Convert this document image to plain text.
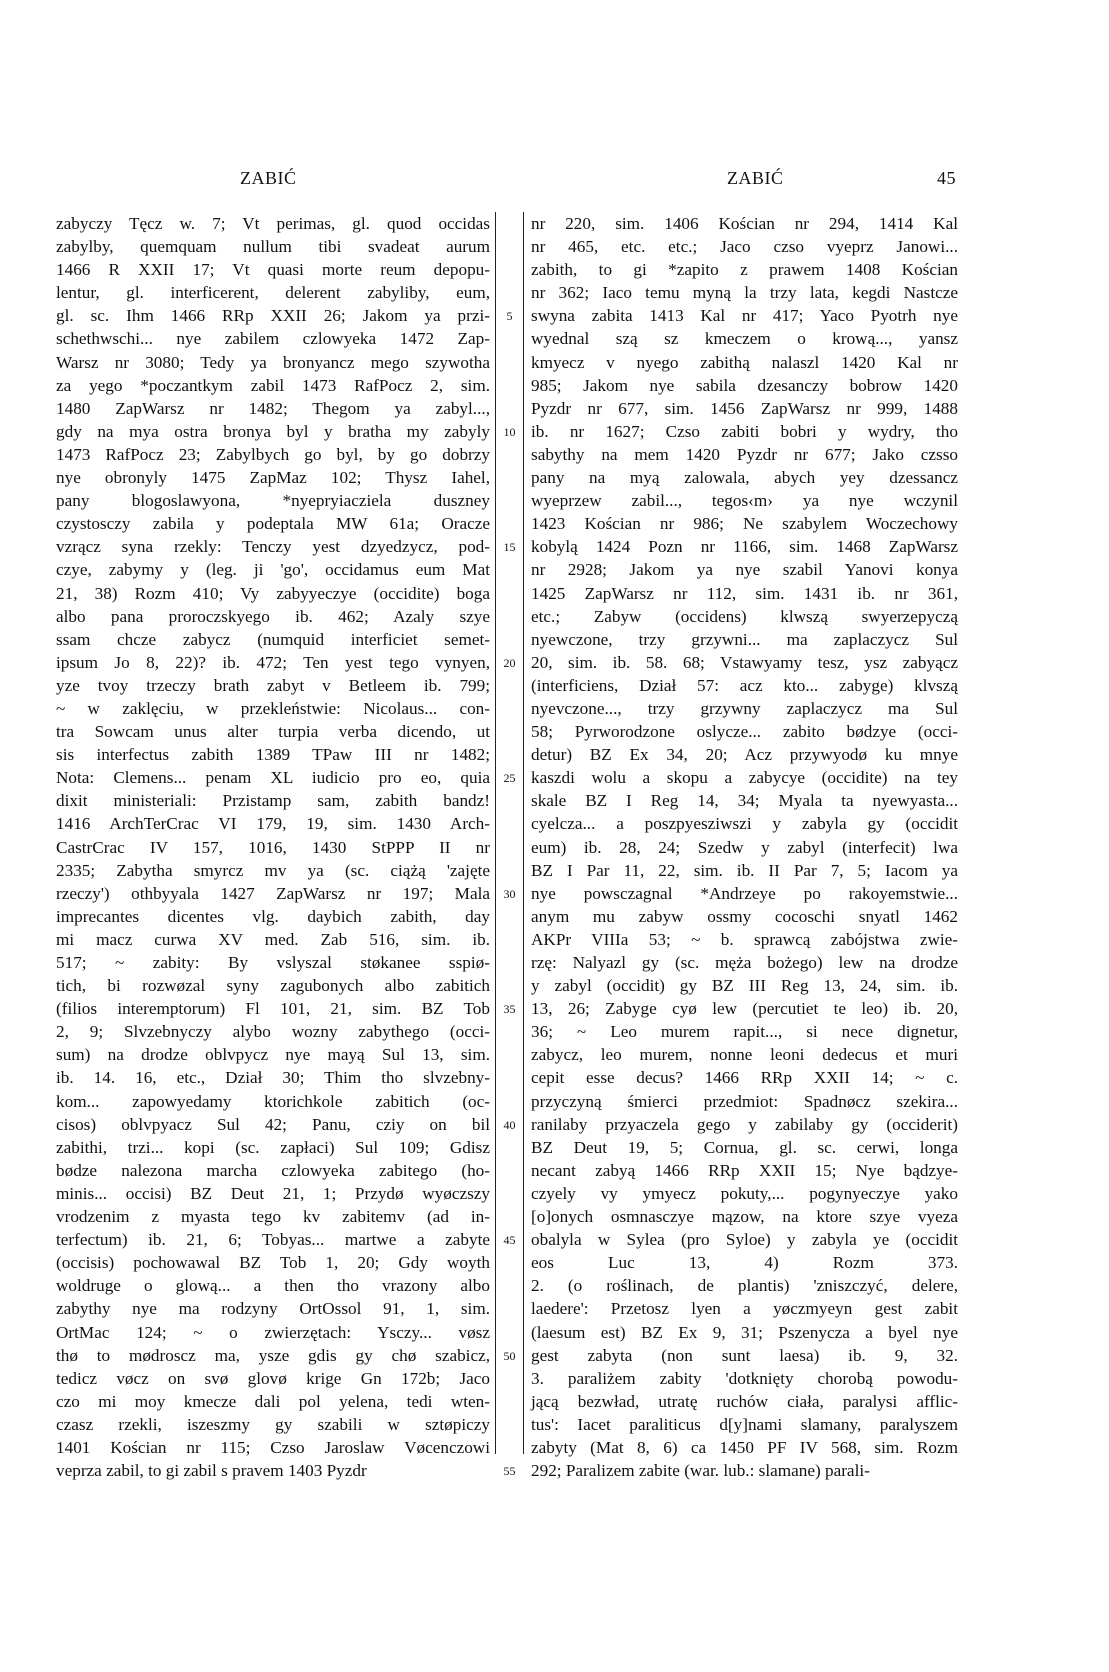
ZABIĆ	ZABIĆ	45
zabyczy Tęcz w. 7; Vt perimas, gl. quod occidas
zabylby, quemquam nullum tibi svadeat aurum
1466 R XXII 17; Vt quasi morte reum depopu-
lentur, gl. interficerent, delerent zabyliby, eum,
gl. sc. Ihm 1466 RRp XXII 26; Jakom ya przi-
schethwschi... nye zabilem czlowyeka 1472 Zap-
Warsz nr 3080; Tedy ya bronyancz mego szywotha
za yego *poczantkym zabil 1473 RafPocz 2, sim.
1480 ZapWarsz nr 1482; Thegom ya zabyl...,
gdy na mya ostra bronya byl y bratha my zabyly
1473 RafPocz 23; Zabylbych go byl, by go dobrzy
nye obronyly 1475 ZapMaz 102; Thysz Iahel,
pany blogoslawyona, *nyepryiacziela duszney
czystosczy zabila y podeptala MW 61a; Oracze
vzrącz syna rzekly: Tenczy yest dzyedzycz, pod-
czye, zabymy y (leg. ji 'go', occidamus eum Mat
21, 38) Rozm 410; Vy zabyyeczye (occidite) boga
albo pana proroczskyego ib. 462; Azaly szye
ssam chcze zabycz (numquid interficiet semet-
ipsum Jo 8, 22)? ib. 472; Ten yest tego vynyen,
yze tvoy trzeczy brath zabyt v Betleem ib. 799;
~ w zaklęciu, w przekleństwie: Nicolaus... con-
tra Sowcam unus alter turpia verba dicendo, ut
sis interfectus zabith 1389 TPaw III nr 1482;
Nota: Clemens... penam XL iudicio pro eo, quia
dixit ministeriali: Przistamp sam, zabith bandz!
1416 ArchTerCrac VI 179, 19, sim. 1430 Arch-
CastrCrac IV 157, 1016, 1430 StPPP II nr
2335; Zabytha smyrcz mv ya (sc. ciążą 'zajęte
rzeczy') othbyyala 1427 ZapWarsz nr 197; Mala
imprecantes dicentes vlg. daybich zabith, day
mi macz curwa XV med. Zab 516, sim. ib.
517; ~ zabity: By vslyszal støkanee sspiø-
tich, bi rozwøzal syny zagubonych albo zabitich
(filios interemptorum) Fl 101, 21, sim. BZ Tob
2, 9; Slvzebnyczy alybo wozny zabythego (occi-
sum) na drodze oblvpycz nye mayą Sul 13, sim.
ib. 14. 16, etc., Dział 30; Thim tho slvzebny-
kom... zapowyedamy ktorichkole zabitich (oc-
cisos) oblvpyacz Sul 42; Panu, cziy on bil
zabithi, trzi... kopi (sc. zapłaci) Sul 109; Gdisz
bødze nalezona marcha czlowyeka zabitego (ho-
minis... occisi) BZ Deut 21, 1; Przydø wyøczszy
vrodzenim z myasta tego kv zabitemv (ad in-
terfectum) ib. 21, 6; Tobyas... martwe a zabyte
(occisis) pochowawal BZ Tob 1, 20; Gdy woyth
woldruge o glową... a then tho vrazony albo
zabythy nye ma rodzyny OrtOssol 91, 1, sim.
OrtMac 124; ~ o zwierzętach: Ysczy... vøsz
thø to mødroscz ma, ysze gdis gy chø szabicz,
tedicz vøcz on svø glovø krige Gn 172b; Jaco
czo mi moy kmecze dali pol yelena, tedi wten-
czasz rzekli, iszeszmy gy szabili w sztøpiczy
1401 Kościan nr 115; Czso Jaroslaw Vøcenczowi
veprza zabil, to gi zabil s pravem 1403 Pyzdr
5
10
15
20
25
30
35
40
45
50
55
nr 220, sim. 1406 Kościan nr 294, 1414 Kal
nr 465, etc. etc.; Jaco czso vyeprz Janowi...
zabith, to gi *zapito z prawem 1408 Kościan
nr 362; Iaco temu myną la trzy lata, kegdi Nastcze
swyna zabita 1413 Kal nr 417; Yaco Pyotrh nye
wyednal szą sz kmeczem o krową..., yansz
kmyecz v nyego zabithą nalaszl 1420 Kal nr
985; Jakom nye sabila dzesanczy bobrow 1420
Pyzdr nr 677, sim. 1456 ZapWarsz nr 999, 1488
ib. nr 1627; Czso zabiti bobri y wydry, tho
sabythy na mem 1420 Pyzdr nr 677; Jako czsso
pany na myą zalowala, abych yey dzessancz
wyeprzew zabil..., tegos‹m› ya nye wczynil
1423 Kościan nr 986; Ne szabylem Woczechowy
kobylą 1424 Pozn nr 1166, sim. 1468 ZapWarsz
nr 2928; Jakom ya nye szabil Yanovi konya
1425 ZapWarsz nr 112, sim. 1431 ib. nr 361,
etc.; Zabyw (occidens) klwszą swyerzepyczą
nyewczone, trzy grzywni... ma zaplaczycz Sul
20, sim. ib. 58. 68; Vstawyamy tesz, ysz zabyącz
(interficiens, Dział 57: acz kto... zabyge) klvszą
nyevczone..., trzy grzywny zaplaczycz ma Sul
58; Pyrworodzone oslycze... zabito bødzye (occi-
detur) BZ Ex 34, 20; Acz przywyodø ku mnye
kaszdi wolu a skopu a zabycye (occidite) na tey
skale BZ I Reg 14, 34; Myala ta nyewyasta...
cyelcza... a poszpyesziwszi y zabyla gy (occidit
eum) ib. 28, 24; Szedw y zabyl (interfecit) lwa
BZ I Par 11, 22, sim. ib. II Par 7, 5; Iacom ya
nye powsczagnal *Andrzeye po rakoyemstwie...
anym mu zabyw ossmy cocoschi snyatl 1462
AKPr VIIIa 53; ~ b. sprawcą zabójstwa zwie-
rzę: Nalyazl gy (sc. męża bożego) lew na drodze
y zabyl (occidit) gy BZ III Reg 13, 24, sim. ib.
13, 26; Zabyge cyø lew (percutiet te leo) ib. 20,
36; ~ Leo murem rapit..., si nece dignetur,
zabycz, leo murem, nonne leoni dedecus et muri
cepit esse decus? 1466 RRp XXII 14; ~ c.
przyczyną śmierci przedmiot: Spadnøcz szekira...
ranilaby przyaczela gego y zabilaby gy (occiderit)
BZ Deut 19, 5; Cornua, gl. sc. cerwi, longa
necant zabyą 1466 RRp XXII 15; Nye bądzye-
czyely vy ymyecz pokuty,... pogynyeczye yako
[o]onych osmnasczye mązow, na ktore szye vyeza
obalyla w Sylea (pro Syloe) y zabyla ye (occidit
eos Luc 13, 4) Rozm 373.
2. (o roślinach, de plantis) 'zniszczyć, delere,
laedere': Przetosz lyen a yøczmyeyn gest zabit
(laesum est) BZ Ex 9, 31; Pszenycza a byel nye
gest zabyta (non sunt laesa) ib. 9, 32.
3. paraliżem zabity 'dotknięty chorobą powodu-
jącą bezwład, utratę ruchów ciała, paralysi afflic-
tus': Iacet paraliticus d[y]nami slamany, paralyszem
zabyty (Mat 8, 6) ca 1450 PF IV 568, sim. Rozm
292; Paralizem zabite (war. lub.: slamane) parali-
